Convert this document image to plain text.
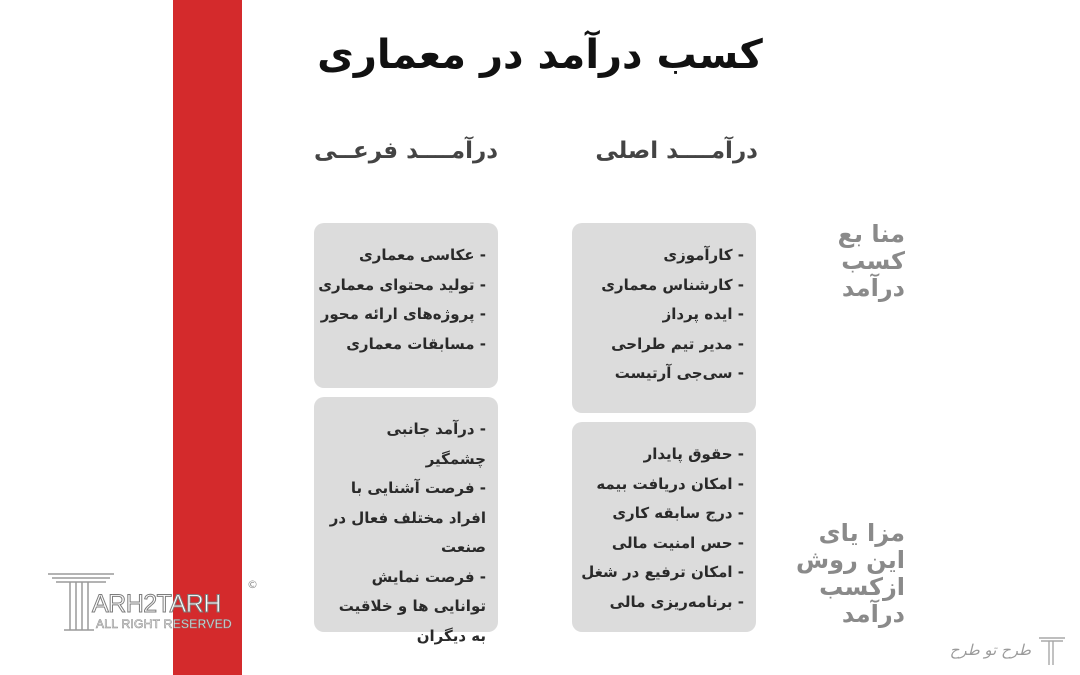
کسب درآمد در معماری
درآمــــد اصلی
درآمــــد فرعــی
منا بع
کسب
درآمد
مزا یای
این روش
ازکسب
درآمد
- کارآموزی
- کارشناس معماری
- ایده پرداز
- مدیر تیم طراحی
- سی‌جی آرتیست
- حقوق پایدار
- امکان دریافت بیمه
- درج سابقه کاری
- حس امنیت مالی
- امکان ترفیع در شغل
- برنامه‌ریزی مالی
- عکاسی معماری
- تولید محتوای معماری
- پروژه‌های ارائه محور
- مسابقات معماری
- درآمد جانبی چشمگیر
- فرصت آشنایی با افراد مختلف فعال در صنعت
- فرصت نمایش توانایی ها و خلاقیت به دیگران
ARH2TARH
ALL RIGHT RESERVED
©
طرح تو طرح
